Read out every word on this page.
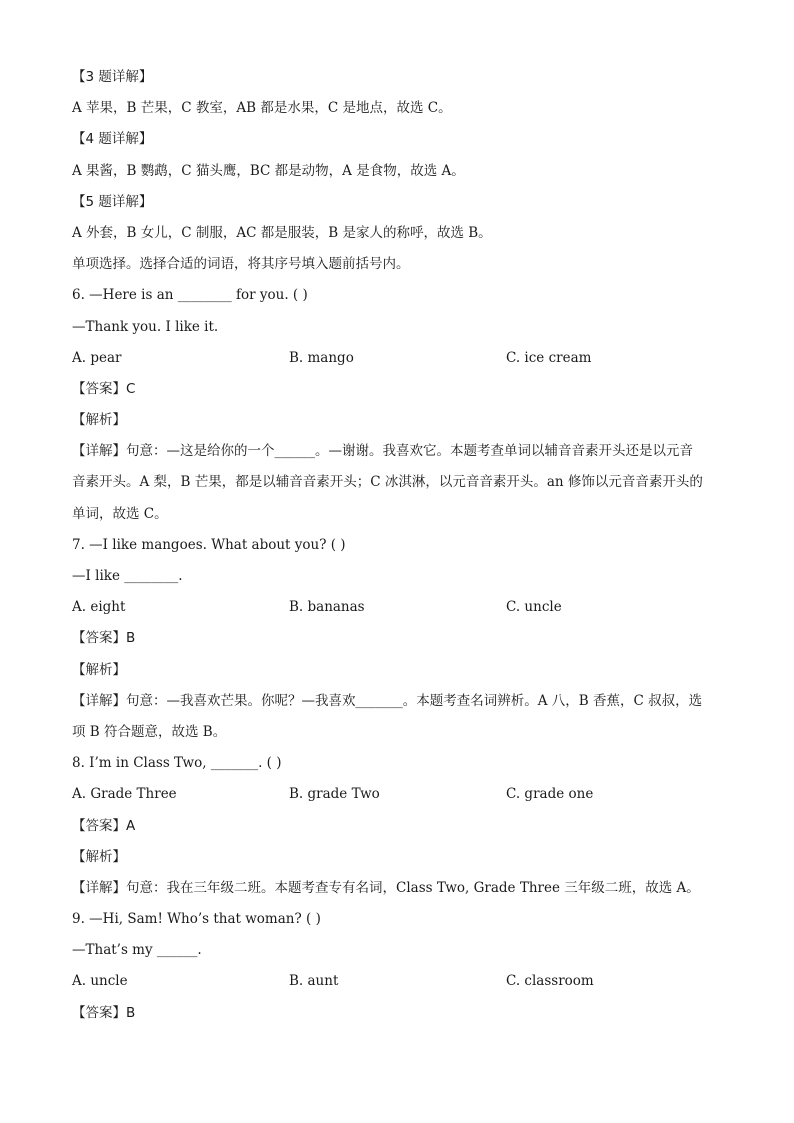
【3 题详解】
A 苹果，B 芒果，C 教室，AB 都是水果，C 是地点，故选 C。
【4 题详解】
A 果酱，B 鹦鹉，C 猫头鹰，BC 都是动物，A 是食物，故选 A。
【5 题详解】
A 外套，B 女儿，C 制服，AC 都是服装，B 是家人的称呼，故选 B。
单项选择。选择合适的词语，将其序号填入题前括号内。
6. —Here is an ________ for you. ( )
—Thank you. I like it.
A. pear	B. mango	C. ice cream
【答案】C
【解析】
【详解】句意：—这是给你的一个______。—谢谢。我喜欢它。本题考查单词以辅音音素开头还是以元音
音素开头。A 梨，B 芒果，都是以辅音音素开头；C 冰淇淋，以元音音素开头。an 修饰以元音音素开头的
单词，故选 C。
7. —I like mangoes. What about you? ( )
—I like ________.
A. eight	B. bananas	C. uncle
【答案】B
【解析】
【详解】句意：—我喜欢芒果。你呢？—我喜欢_______。本题考查名词辨析。A 八，B 香蕉，C 叔叔，选
项 B 符合题意，故选 B。
8. I’m in Class Two, _______. ( )
A. Grade Three	B. grade Two	C. grade one
【答案】A
【解析】
【详解】句意：我在三年级二班。本题考查专有名词，Class Two, Grade Three 三年级二班，故选 A。
9. —Hi, Sam! Who’s that woman? ( )
—That’s my ______.
A. uncle	B. aunt	C. classroom
【答案】B
